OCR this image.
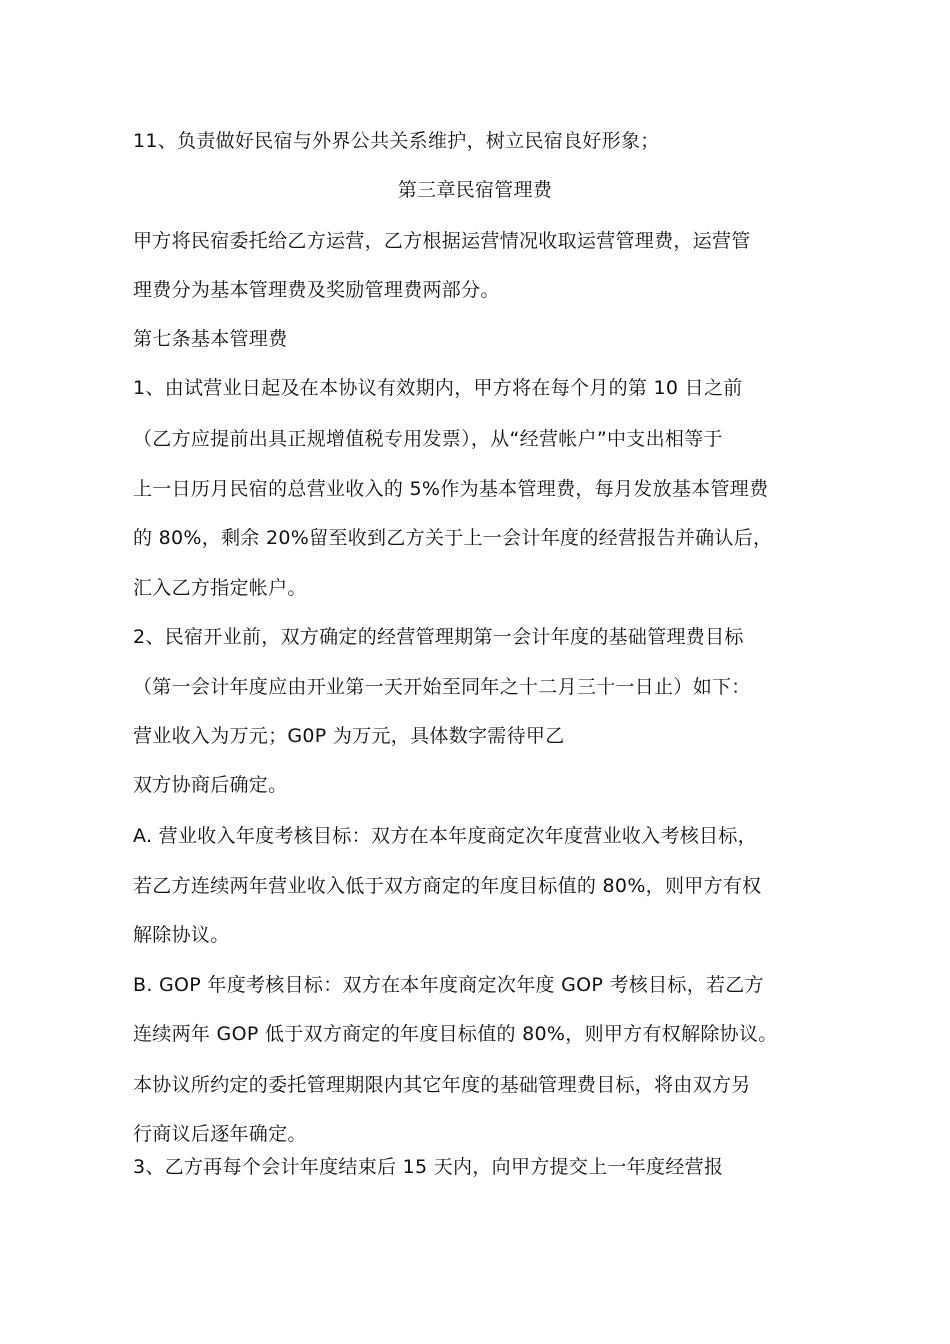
11、负责做好民宿与外界公共关系维护，树立民宿良好形象；
第三章民宿管理费
甲方将民宿委托给乙方运营，乙方根据运营情况收取运营管理费，运营管
理费分为基本管理费及奖励管理费两部分。
第七条基本管理费
1、由试营业日起及在本协议有效期内，甲方将在每个月的第 10 日之前
（乙方应提前出具正规增值税专用发票），从“经营帐户”中支出相等于
上一日历月民宿的总营业收入的 5%作为基本管理费，每月发放基本管理费
的 80%，剩余 20%留至收到乙方关于上一会计年度的经营报告并确认后，
汇入乙方指定帐户。
2、民宿开业前，双方确定的经营管理期第一会计年度的基础管理费目标
（第一会计年度应由开业第一天开始至同年之十二月三十一日止）如下：
营业收入为万元；G0P 为万元，具体数字需待甲乙
双方协商后确定。
A. 营业收入年度考核目标：双方在本年度商定次年度营业收入考核目标，
若乙方连续两年营业收入低于双方商定的年度目标值的 80%，则甲方有权
解除协议。
B. GOP 年度考核目标：双方在本年度商定次年度 GOP 考核目标，若乙方
连续两年 GOP 低于双方商定的年度目标值的 80%，则甲方有权解除协议。
本协议所约定的委托管理期限内其它年度的基础管理费目标，将由双方另
行商议后逐年确定。
3、乙方再每个会计年度结束后 15 天内，向甲方提交上一年度经营报
